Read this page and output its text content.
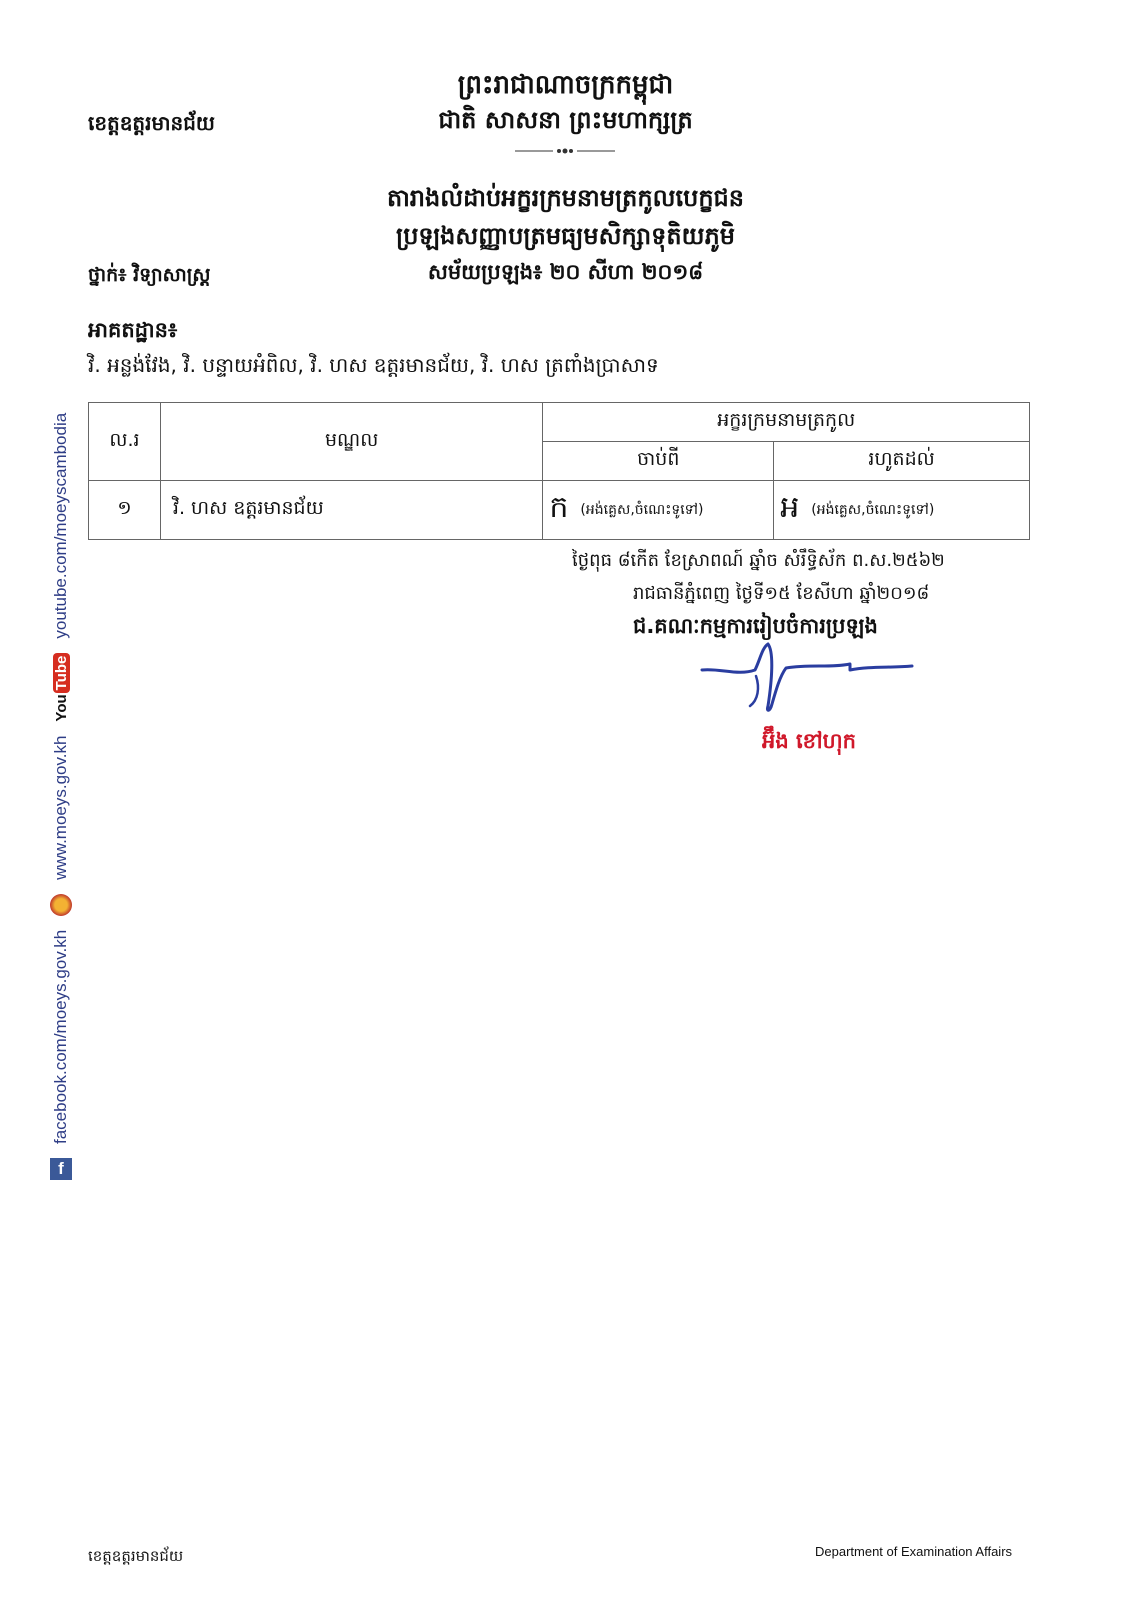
ព្រះរាជាណាចក្រកម្ពុជា
ជាតិ សាសនា ព្រះមហាក្សត្រ
ខេត្តឧត្តរមានជ័យ
តារាងលំដាប់អក្ខរក្រមនាមត្រកូលបេក្ខជន
ប្រឡងសញ្ញាបត្រមធ្យមសិក្សាទុតិយភូមិ
ថ្នាក់៖ វិទ្យាសាស្ត្រ	សម័យប្រឡង៖ ២០ សីហា ២០១៨
អាគតដ្ឋាន៖
វិ. អន្លង់វែង, វិ. បន្ទាយអំពិល, វិ. ហស ឧត្តរមានជ័យ, វិ. ហស ត្រពាំងប្រាសាទ
ល.រ	មណ្ឌល	អក្ខរក្រមនាមត្រកូល	
		ចាប់ពី	រហូតដល់
១	វិ. ហស ឧត្តរមានជ័យ	ក (អង់គ្លេស,ចំណេះទូទៅ)	អ (អង់គ្លេស,ចំណេះទូទៅ)
ថ្ងៃពុធ ៨កើត ខែស្រាពណ៍ ឆ្នាំច សំរឹទ្ធិស័ក ព.ស.២៥៦២
រាជធានីភ្នំពេញ ថ្ងៃទី១៥ ខែសីហា ឆ្នាំ២០១៨
ជ.គណៈកម្មការរៀបចំការប្រឡង
អ៊ឹង ខៅហុក
f
facebook.com/moeys.gov.kh
www.moeys.gov.kh
You
Tube
youtube.com/moeyscambodia
ខេត្តឧត្តរមានជ័យ	Department of Examination Affairs
